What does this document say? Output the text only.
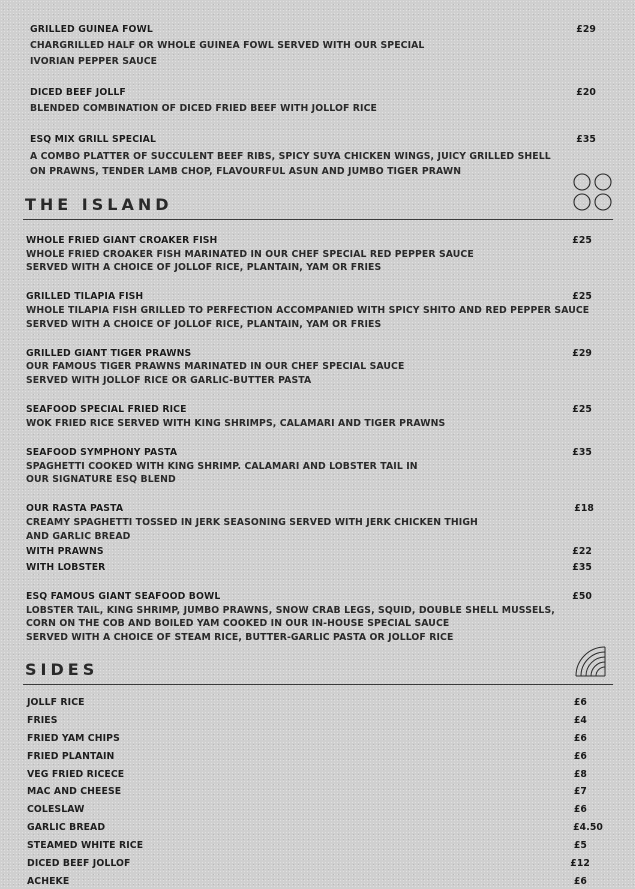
GRILLED GUINEA FOWL	£29
CHARGRILLED HALF OR WHOLE GUINEA FOWL SERVED WITH OUR SPECIAL
IVORIAN PEPPER SAUCE
DICED BEEF JOLLF	£20
BLENDED COMBINATION OF DICED FRIED BEEF WITH JOLLOF RICE
ESQ MIX GRILL SPECIAL	£35
A COMBO PLATTER OF SUCCULENT BEEF RIBS, SPICY SUYA CHICKEN WINGS, JUICY GRILLED SHELL
ON PRAWNS, TENDER LAMB CHOP, FLAVOURFUL ASUN AND JUMBO TIGER PRAWN
THE ISLAND
WHOLE FRIED GIANT CROAKER FISH	£25
WHOLE FRIED CROAKER FISH MARINATED IN OUR CHEF SPECIAL RED PEPPER SAUCE
SERVED WITH A CHOICE OF JOLLOF RICE, PLANTAIN, YAM OR FRIES
GRILLED TILAPIA FISH	£25
WHOLE TILAPIA FISH GRILLED TO PERFECTION ACCOMPANIED WITH SPICY SHITO AND RED PEPPER SAUCE
SERVED WITH A CHOICE OF JOLLOF RICE, PLANTAIN, YAM OR FRIES
GRILLED GIANT TIGER PRAWNS	£29
OUR FAMOUS TIGER PRAWNS MARINATED IN OUR CHEF SPECIAL SAUCE
SERVED WITH JOLLOF RICE OR GARLIC-BUTTER PASTA
SEAFOOD SPECIAL FRIED RICE	£25
WOK FRIED RICE SERVED WITH KING SHRIMPS, CALAMARI AND TIGER PRAWNS
SEAFOOD SYMPHONY PASTA	£35
SPAGHETTI COOKED WITH KING SHRIMP. CALAMARI AND LOBSTER TAIL IN
OUR SIGNATURE ESQ BLEND
OUR RASTA PASTA	£18
CREAMY SPAGHETTI TOSSED IN JERK SEASONING SERVED WITH JERK CHICKEN THIGH
AND GARLIC BREAD
WITH PRAWNS	£22
WITH LOBSTER	£35
ESQ FAMOUS GIANT SEAFOOD BOWL	£50
LOBSTER TAIL, KING SHRIMP, JUMBO PRAWNS, SNOW CRAB LEGS, SQUID, DOUBLE SHELL MUSSELS,
CORN ON THE COB AND BOILED YAM COOKED IN OUR IN-HOUSE SPECIAL SAUCE
SERVED WITH A CHOICE OF STEAM RICE, BUTTER-GARLIC PASTA OR JOLLOF RICE
SIDES
JOLLF RICE	£6
FRIES	£4
FRIED YAM CHIPS	£6
FRIED PLANTAIN	£6
VEG FRIED RICECE	£8
MAC AND CHEESE	£7
COLESLAW	£6
GARLIC BREAD	£4.50
STEAMED WHITE RICE	£5
DICED BEEF JOLLOF	£12
ACHEKE	£6
